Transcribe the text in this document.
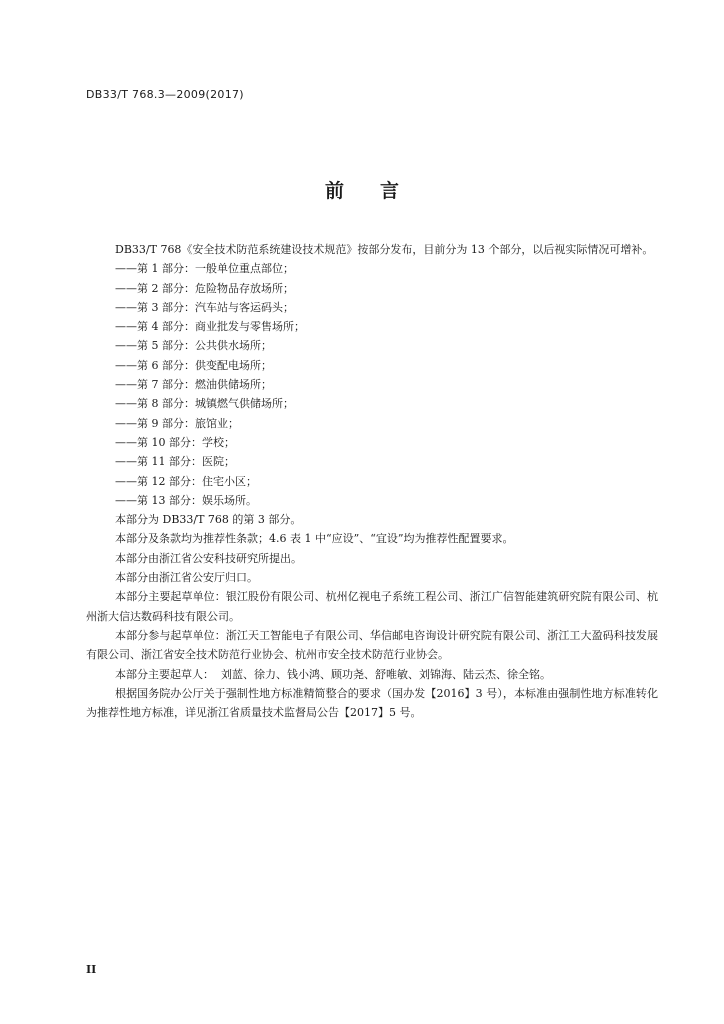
DB33/T 768.3—2009(2017)
前言

DB33/T 768《安全技术防范系统建设技术规范》按部分发布，目前分为 13 个部分，以后视实际情况可增补。

——第 1 部分：一般单位重点部位；

——第 2 部分：危险物品存放场所；

——第 3 部分：汽车站与客运码头；

——第 4 部分：商业批发与零售场所；

——第 5 部分：公共供水场所；

——第 6 部分：供变配电场所；

——第 7 部分：燃油供储场所；

——第 8 部分：城镇燃气供储场所；

——第 9 部分：旅馆业；

——第 10 部分：学校；

——第 11 部分：医院；

——第 12 部分：住宅小区；

——第 13 部分：娱乐场所。

本部分为 DB33/T 768 的第 3 部分。

本部分及条款均为推荐性条款；4.6 表 1 中“应设”、“宜设”均为推荐性配置要求。

本部分由浙江省公安科技研究所提出。

本部分由浙江省公安厅归口。

本部分主要起草单位：银江股份有限公司、杭州亿视电子系统工程公司、浙江广信智能建筑研究院有限公司、杭州浙大信达数码科技有限公司。

本部分参与起草单位：浙江天工智能电子有限公司、华信邮电咨询设计研究院有限公司、浙江工大盈码科技发展有限公司、浙江省安全技术防范行业协会、杭州市安全技术防范行业协会。

本部分主要起草人：  刘蓝、徐力、钱小鸿、顾功尧、舒唯敏、刘锦海、陆云杰、徐全铭。

根据国务院办公厅关于强制性地方标准精简整合的要求（国办发【2016】3 号），本标准由强制性地方标准转化为推荐性地方标准，详见浙江省质量技术监督局公告【2017】5 号。

II
